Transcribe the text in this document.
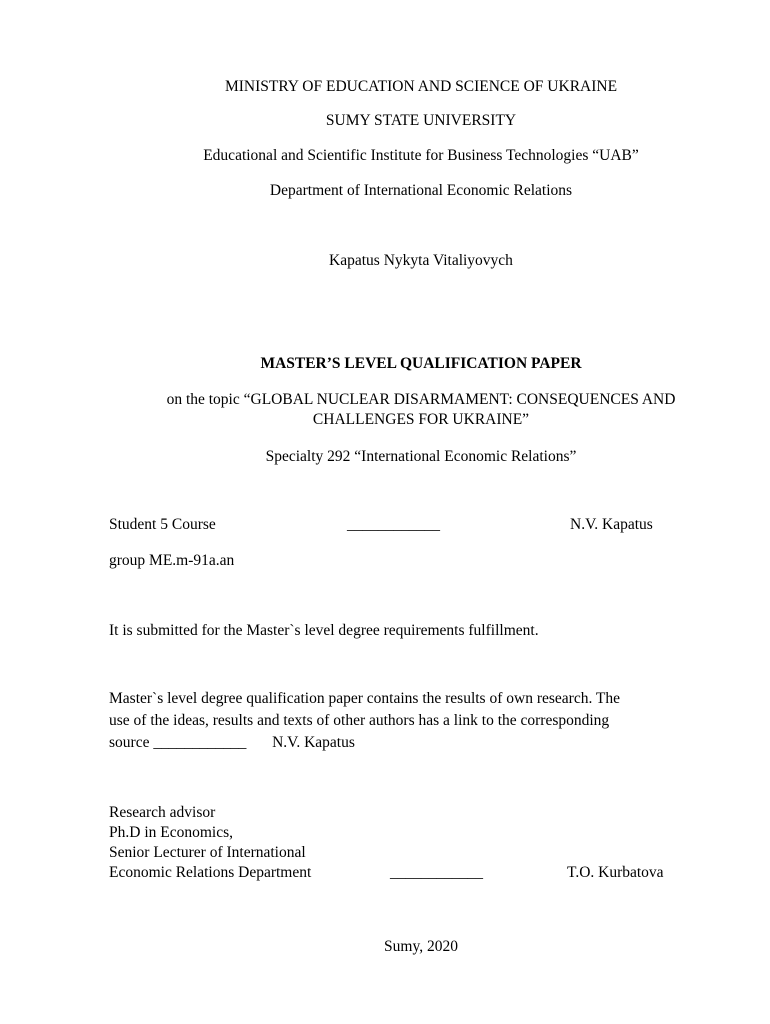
MINISTRY OF EDUCATION AND SCIENCE OF UKRAINE
SUMY STATE UNIVERSITY
Educational and Scientific Institute for Business Technologies “UAB”
Department of International Economic Relations
Kapatus Nykyta Vitaliyovych
MASTER’S LEVEL QUALIFICATION PAPER
on the topic “GLOBAL NUCLEAR DISARMAMENT: CONSEQUENCES AND
CHALLENGES FOR UKRAINE”
Specialty 292 “International Economic Relations”
Student 5 Course	____________	N.V. Kapatus
group ME.m-91a.an
It is submitted for the Master`s level degree requirements fulfillment.
Master`s level degree qualification paper contains the results of own research. The
use of the ideas, results and texts of other authors has a link to the corresponding
source ____________ N.V. Kapatus
Research advisor
Ph.D in Economics,
Senior Lecturer of International
Economic Relations Department	____________	T.O. Kurbatova
Sumy, 2020
